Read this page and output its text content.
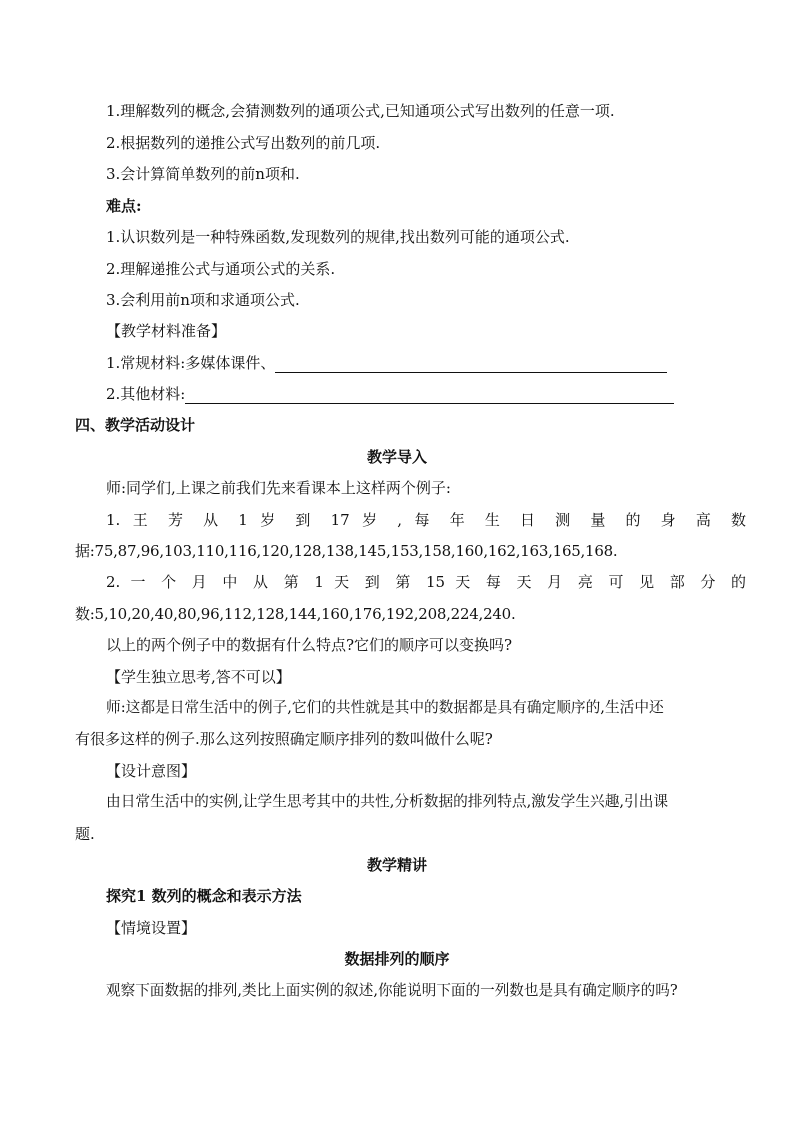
1.理解数列的概念,会猜测数列的通项公式,已知通项公式写出数列的任意一项.
2.根据数列的递推公式写出数列的前几项.
3.会计算简单数列的前n项和.
难点:
1.认识数列是一种特殊函数,发现数列的规律,找出数列可能的通项公式.
2.理解递推公式与通项公式的关系.
3.会利用前n项和求通项公式.
【教学材料准备】
1.常规材料:多媒体课件、
2.其他材料:
四、教学活动设计
教学导入
师:同学们,上课之前我们先来看课本上这样两个例子:
1. 王 芳 从 1 岁 到 17 岁 , 每 年 生 日 测 量 的 身 高 数
据:75,87,96,103,110,116,120,128,138,145,153,158,160,162,163,165,168.
2. 一 个 月 中 从 第 1 天 到 第 15 天 每 天 月 亮 可 见 部 分 的
数:5,10,20,40,80,96,112,128,144,160,176,192,208,224,240.
以上的两个例子中的数据有什么特点?它们的顺序可以变换吗?
【学生独立思考,答不可以】
师:这都是日常生活中的例子,它们的共性就是其中的数据都是具有确定顺序的,生活中还
有很多这样的例子.那么这列按照确定顺序排列的数叫做什么呢?
【设计意图】
由日常生活中的实例,让学生思考其中的共性,分析数据的排列特点,激发学生兴趣,引出课
题.
教学精讲
探究1 数列的概念和表示方法
【情境设置】
数据排列的顺序
观察下面数据的排列,类比上面实例的叙述,你能说明下面的一列数也是具有确定顺序的吗?
